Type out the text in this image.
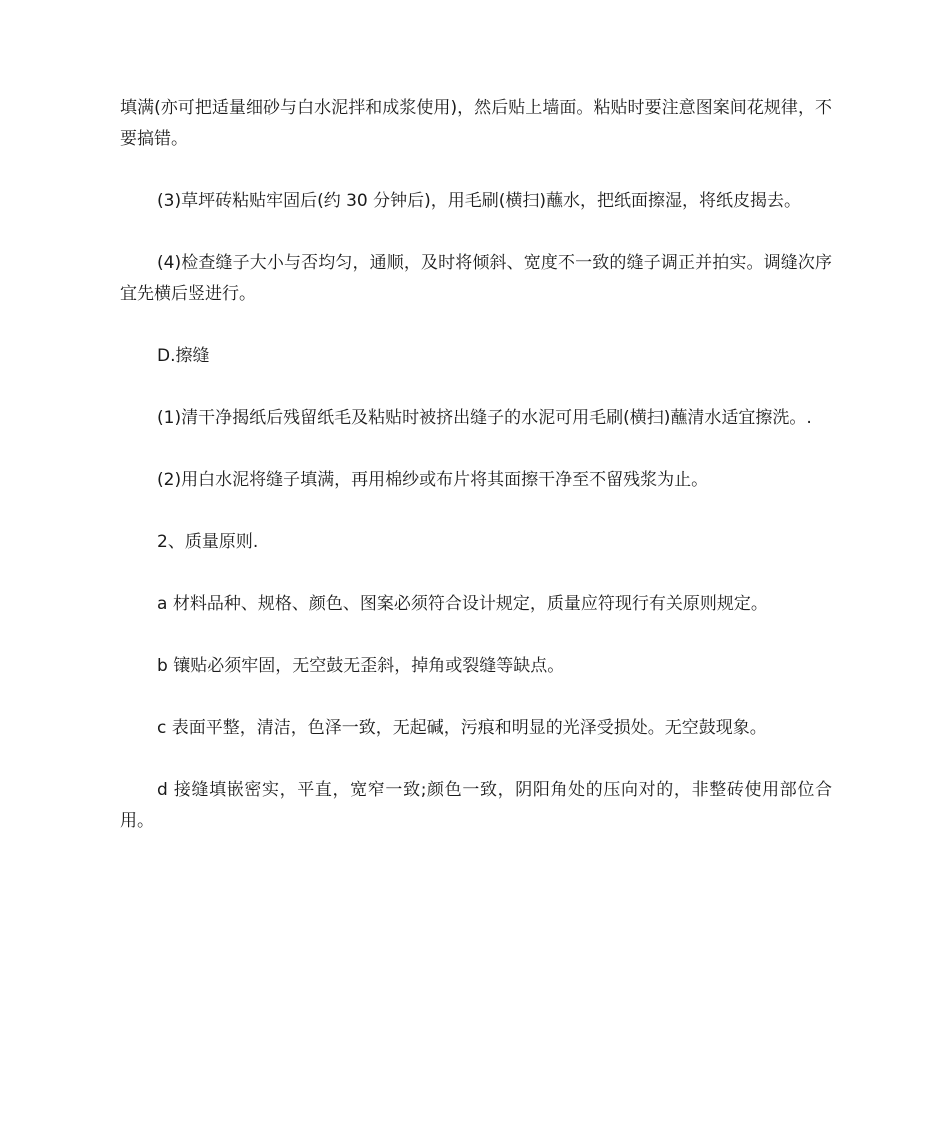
填满(亦可把适量细砂与白水泥拌和成浆使用)，然后贴上墙面。粘贴时要注意图案间花规律，不要搞错。

(3)草坪砖粘贴牢固后(约 30 分钟后)，用毛刷(横扫)蘸水，把纸面擦湿，将纸皮揭去。

(4)检查缝子大小与否均匀，通顺，及时将倾斜、宽度不一致的缝子调正并拍实。调缝次序宜先横后竖进行。

D.擦缝

(1)清干净揭纸后残留纸毛及粘贴时被挤出缝子的水泥可用毛刷(横扫)蘸清水适宜擦洗。.

(2)用白水泥将缝子填满，再用棉纱或布片将其面擦干净至不留残浆为止。

2、质量原则.

a 材料品种、规格、颜色、图案必须符合设计规定，质量应符现行有关原则规定。

b 镶贴必须牢固，无空鼓无歪斜，掉角或裂缝等缺点。

c 表面平整，清洁，色泽一致，无起碱，污痕和明显的光泽受损处。无空鼓现象。

d 接缝填嵌密实，平直，宽窄一致;颜色一致，阴阳角处的压向对的，非整砖使用部位合用。
